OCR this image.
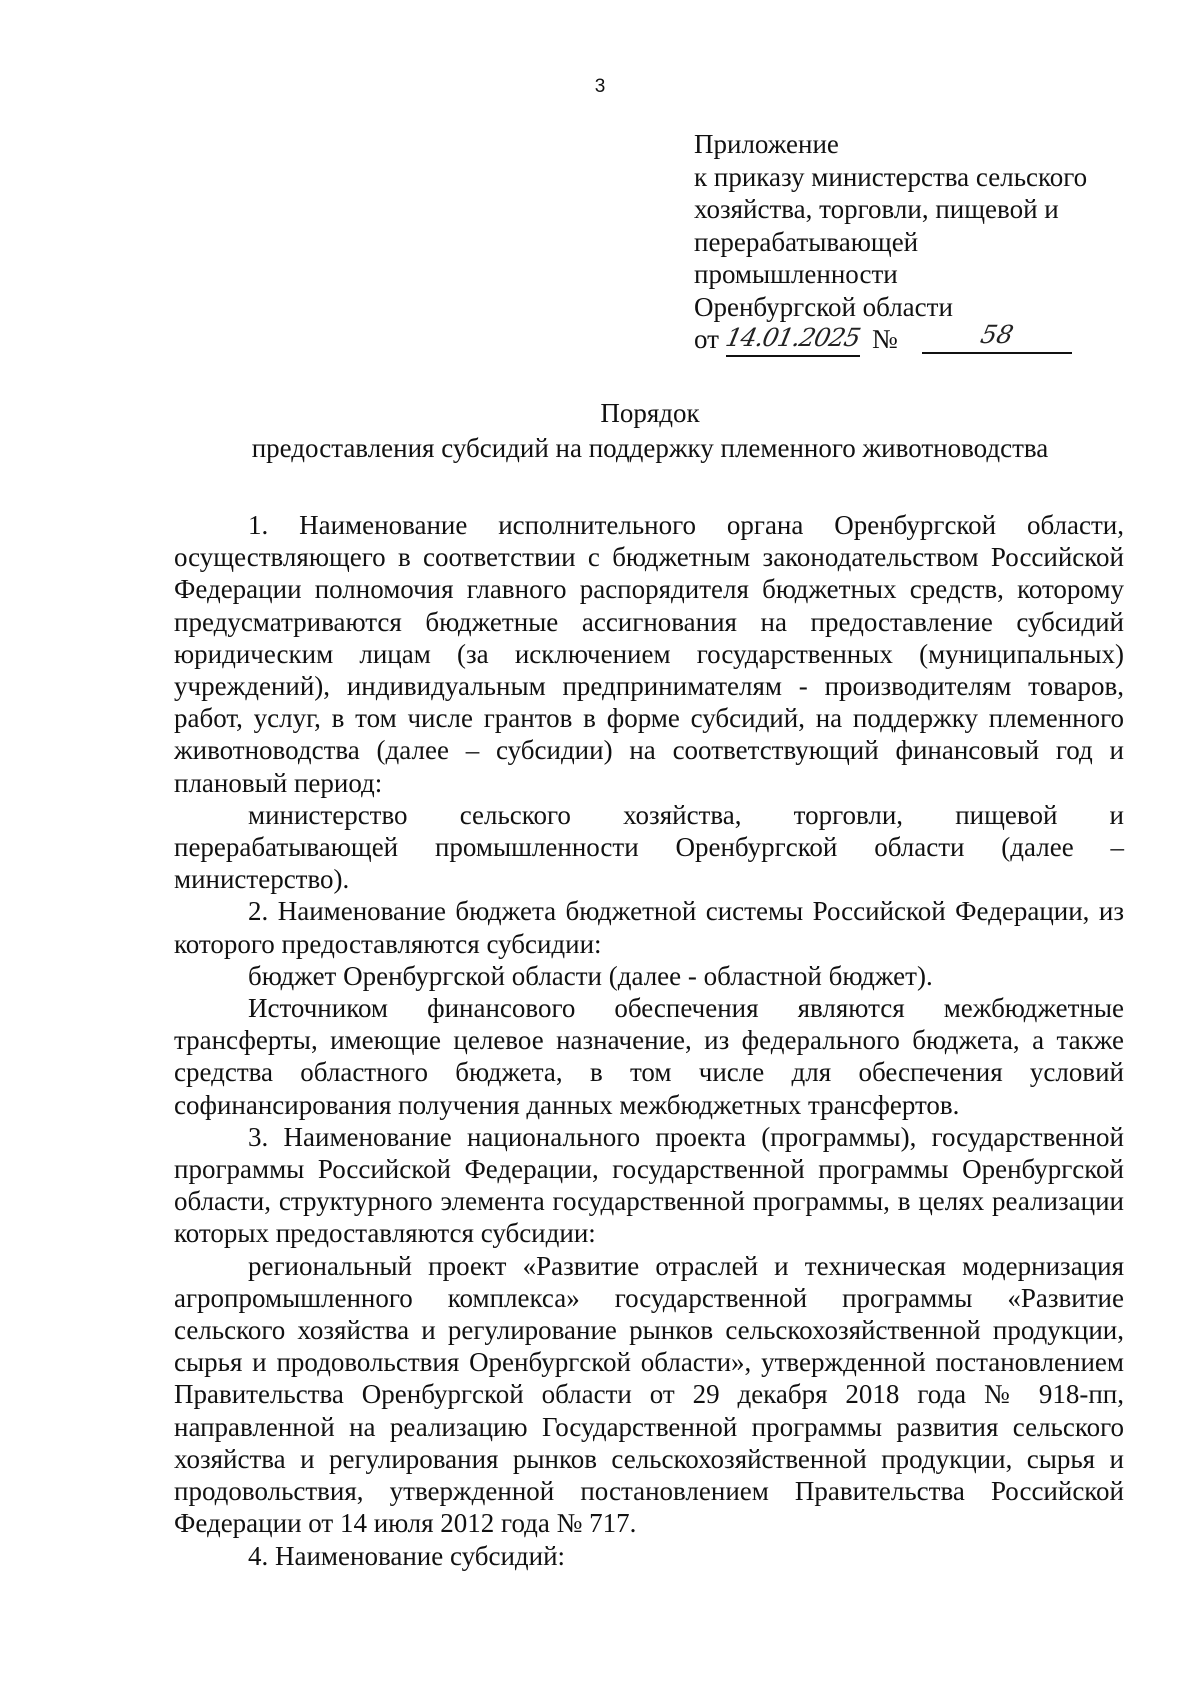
3
Приложение
к приказу министерства сельского
хозяйства, торговли, пищевой и
перерабатывающей
промышленности
Оренбургской области
от 14.01.2025 №	58
Порядок
предоставления субсидий на поддержку племенного животноводства

1. Наименование исполнительного органа Оренбургской области, осуществляющего в соответствии с бюджетным законодательством Российской Федерации полномочия главного распорядителя бюджетных средств, которому предусматриваются бюджетные ассигнования на предоставление субсидий юридическим лицам (за исключением государственных (муниципальных) учреждений), индивидуальным предпринимателям - производителям товаров, работ, услуг, в том числе грантов в форме субсидий, на поддержку племенного животноводства (далее – субсидии) на соответствующий финансовый год и плановый период:

министерство сельского хозяйства, торговли, пищевой и перерабатывающей промышленности Оренбургской области (далее – министерство).

2. Наименование бюджета бюджетной системы Российской Федерации, из которого предоставляются субсидии:

бюджет Оренбургской области (далее - областной бюджет).

Источником финансового обеспечения являются межбюджетные трансферты, имеющие целевое назначение, из федерального бюджета, а также средства областного бюджета, в том числе для обеспечения условий софинансирования получения данных межбюджетных трансфертов.

3. Наименование национального проекта (программы), государственной программы Российской Федерации, государственной программы Оренбургской области, структурного элемента государственной программы, в целях реализации которых предоставляются субсидии:

региональный проект «Развитие отраслей и техническая модернизация агропромышленного комплекса» государственной программы «Развитие сельского хозяйства и регулирование рынков сельскохозяйственной продукции, сырья и продовольствия Оренбургской области», утвержденной постановлением Правительства Оренбургской области от 29 декабря 2018 года № 918-пп, направленной на реализацию Государственной программы развития сельского хозяйства и регулирования рынков сельскохозяйственной продукции, сырья и продовольствия, утвержденной постановлением Правительства Российской Федерации от 14 июля 2012 года № 717.

4. Наименование субсидий:
